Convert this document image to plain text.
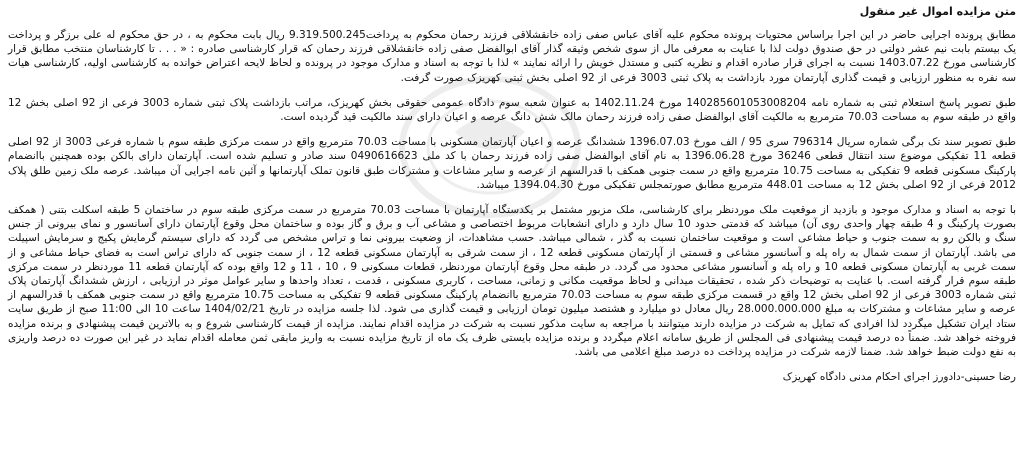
متن مزایده اموال غیر منقول

مطابق پرونده اجرایی حاضر در این اجرا براساس محتویات پرونده محکوم علیه آقای عباس صفی زاده خانقشلاقی فرزند رحمان محکوم به پرداخت9.319.500.245 ریال بابت محکوم به ، در حق محکوم له علی برزگر و پرداخت یک بیستم بابت نیم عشر دولتی در حق صندوق دولت لذا با عنایت به معرفی مال از سوی شخص وثیقه گذار آقای ابوالفضل صفی زاده خانقشلاقی فرزند رحمان که قرار کارشناسی صادره : « . . . تا کارشناسان منتخب مطابق قرار کارشناسی مورخ 1403.07.22 نسبت به اجرای قرار صادره اقدام و نظریه کتبی و مستدل خویش را ارائه نمایند » لذا با توجه به اسناد و مدارک موجود در پرونده و لحاظ لایحه اعتراض خوانده به کارشناسی اولیه، کارشناسی هیات سه نفره به منظور ارزیابی و قیمت گذاری آپارتمان مورد بازداشت به پلاک ثبتی 3003 فرعی از 92 اصلی بخش ثبتی کهریزک صورت گرفت.

طبق تصویر پاسخ استعلام ثبتی به شماره نامه 140285601053008204 مورخ 1402.11.24 به عنوان شعبه سوم دادگاه عمومی حقوقی بخش کهریزک، مراتب بازداشت پلاک ثبتی شماره 3003 فرعی از 92 اصلی بخش 12 واقع در طبقه سوم به مساحت 70.03 مترمربع به مالکیت آقای ابوالفضل صفی زاده فرزند رحمان مالک شش دانگ عرصه و اعیان دارای سند مالکیت قید گردیده است.

طبق تصویر سند تک برگی شماره سریال 796314 سری 95 / الف مورخ 1396.07.03 ششدانگ عرصه و اعیان آپارتمان مسکونی با مساحت 70.03 مترمربع واقع در سمت مرکزی طبقه سوم با شماره فرعی 3003 از 92 اصلی قطعه 11 تفکیکی موضوع سند انتقال قطعی 36246 مورخ 1396.06.28 به نام آقای ابوالفضل صفی زاده فرزند رحمان با کد ملی 0490616623 سند صادر و تسلیم شده است. آپارتمان دارای بالکن بوده همچنین باانضمام پارکینگ مسکونی قطعه 9 تفکیکی به مساحت 10.75 مترمربع واقع در سمت جنوبی همکف با قدرالسهم از عرصه و سایر مشاعات و مشترکات طبق قانون تملک آپارتمانها و آئین نامه اجرایی آن میباشد. عرصه ملک زمین طلق پلاک 2012 فرعی از 92 اصلی بخش 12 به مساحت 448.01 مترمربع مطابق صورتمجلس تفکیکی مورخ 1394.04.30 میباشد.

با توجه به اسناد و مدارک موجود و بازدید از موقعیت ملک موردنظر برای کارشناسی، ملک مزبور مشتمل بر یکدستگاه آپارتمان با مساحت 70.03 مترمربع در سمت مرکزی طبقه سوم در ساختمان 5 طبقه اسکلت بتنی ( همکف بصورت پارکینگ و 4 طبقه چهار واحدی روی آن) میباشد که قدمتی حدود 10 سال دارد و دارای انشعابات مربوط اختصاصی و مشاعی آب و برق و گاز بوده و ساختمان محل وقوع آپارتمان دارای آسانسور و نمای بیرونی از جنس سنگ و بالکن رو به سمت جنوب و حیاط مشاعی است و موقعیت ساختمان نسبت به گذر ، شمالی میباشد. حسب مشاهدات، از وضعیت بیرونی نما و تراس مشخص می گردد که دارای سیستم گرمایش پکیج و سرمایش اسپیلت می باشد. آپارتمان از سمت شمال به راه پله و آسانسور مشاعی و قسمتی از آپارتمان مسکونی قطعه 12 ، از سمت شرقی به آپارتمان مسکونی قطعه 12 ، از سمت جنوبی که دارای تراس است به فضای حیاط مشاعی و از سمت غربی به آپارتمان مسکونی قطعه 10 و راه پله و آسانسور مشاعی محدود می گردد. در طبقه محل وقوع آپارتمان موردنظر، قطعات مسکونی 9 ، 10 ، 11 و 12 واقع بوده که آپارتمان قطعه 11 موردنظر در سمت مرکزی طبقه سوم قرار گرفته است. با عنایت به توضیحات ذکر شده ، تحقیقات میدانی و لحاظ موقعیت مکانی و زمانی، مساحت ، کاربری مسکونی ، قدمت ، تعداد واحدها و سایر عوامل موثر در ارزیابی ، ارزش ششدانگ آپارتمان پلاک ثبتی شماره 3003 فرعی از 92 اصلی بخش 12 واقع در قسمت مرکزی طبقه سوم به مساحت 70.03 مترمربع باانضمام پارکینگ مسکونی قطعه 9 تفکیکی به مساحت 10.75 مترمربع واقع در سمت جنوبی همکف با قدرالسهم از عرصه و سایر مشاعات و مشترکات به مبلغ 28.000.000.000 ریال معادل دو میلیارد و هشتصد میلیون تومان ارزیابی و قیمت گذاری می شود. لذا جلسه مزایده در تاریخ 1404/02/21 ساعت 10 الی 11:00 صبح از طریق سایت ستاد ایران تشکیل میگردد لذا افرادی که تمایل به شرکت در مزایده دارند میتوانند با مراجعه به سایت مذکور نسبت به شرکت در مزایده اقدام نمایند. مزایده از قیمت کارشناسی شروع و به بالاترین قیمت پیشنهادی و برنده مزایده فروخته خواهد شد. ضمناً ده درصد قیمت پیشنهادی فی المجلس از طریق سامانه اعلام میگردد و برنده مزایده بایستی ظرف یک ماه از تاریخ مزایده نسبت به واریز مابقی ثمن معامله اقدام نماید در غیر این صورت ده درصد واریزی به نفع دولت ضبط خواهد شد. ضمنا لازمه شرکت در مزایده پرداخت ده درصد مبلغ اعلامی می باشد.

رضا حسینی-دادورز اجرای احکام مدنی دادگاه کهریزک
